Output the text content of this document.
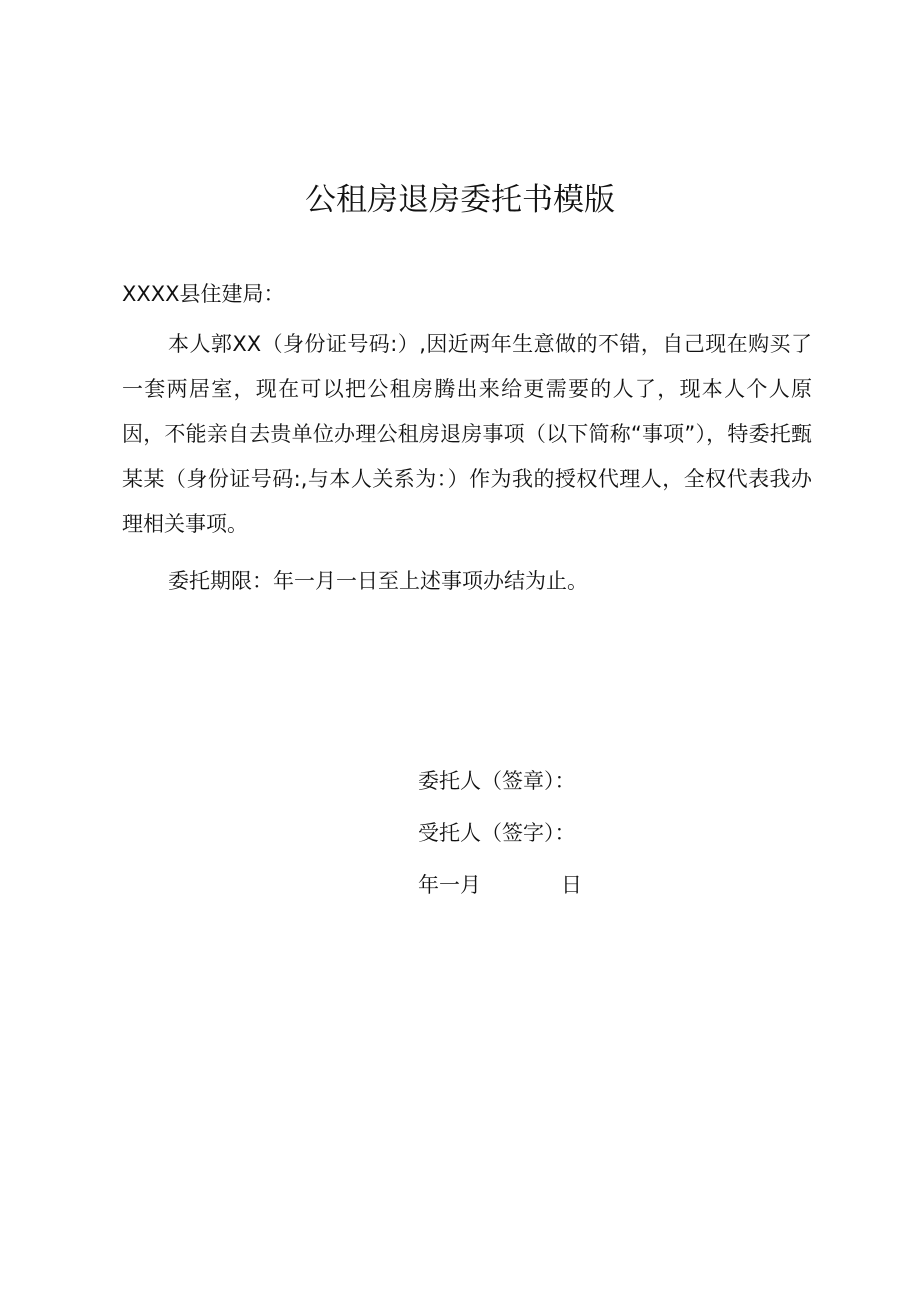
公租房退房委托书模版
XXXX县住建局：

本人郭XX（身份证号码:）,因近两年生意做的不错，自己现在购买了一套两居室，现在可以把公租房腾出来给更需要的人了，现本人个人原因，不能亲自去贵单位办理公租房退房事项（以下简称“事项”），特委托甄某某（身份证号码:,与本人关系为：）作为我的授权代理人，全权代表我办理相关事项。

委托期限：年一月一日至上述事项办结为止。

委托人（签章）：
受托人（签字）：
年一月	日
